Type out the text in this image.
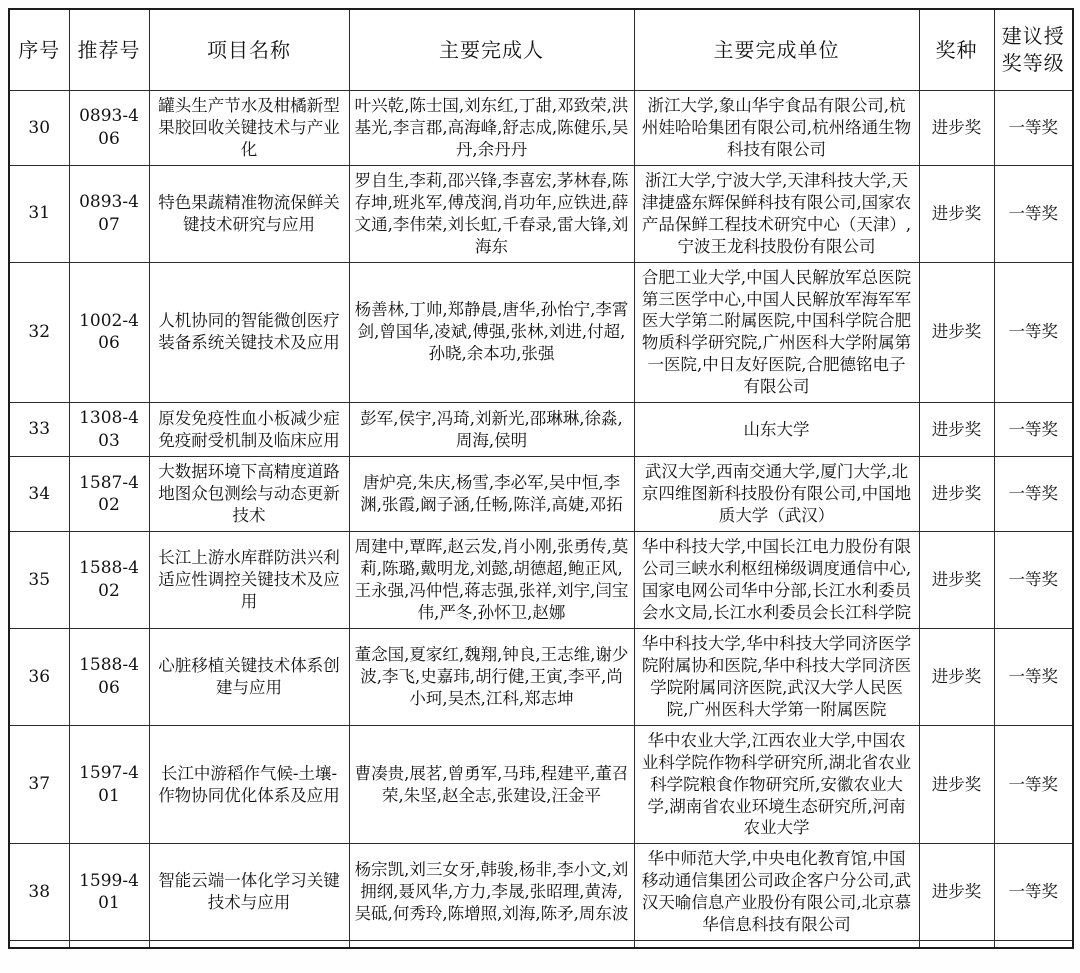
序号	推荐号	项目名称	主要完成人	主要完成单位	奖种	建议授奖等级
30	0893-406	罐头生产节水及柑橘新型果胶回收关键技术与产业化	叶兴乾,陈士国,刘东红,丁甜,邓致荣,洪基光,李言郡,高海峰,舒志成,陈健乐,吴丹,余丹丹	浙江大学,象山华宇食品有限公司,杭州娃哈哈集团有限公司,杭州络通生物科技有限公司	进步奖	一等奖
31	0893-407	特色果蔬精准物流保鲜关键技术研究与应用	罗自生,李莉,邵兴锋,李喜宏,茅林春,陈存坤,班兆军,傅茂润,肖功年,应铁进,薛文通,李伟荣,刘长虹,千春录,雷大锋,刘海东	浙江大学,宁波大学,天津科技大学,天津捷盛东辉保鲜科技有限公司,国家农产品保鲜工程技术研究中心（天津）,宁波王龙科技股份有限公司	进步奖	一等奖
32	1002-406	人机协同的智能微创医疗装备系统关键技术及应用	杨善林,丁帅,郑静晨,唐华,孙怡宁,李霄剑,曾国华,凌斌,傅强,张林,刘进,付超,孙晓,余本功,张强	合肥工业大学,中国人民解放军总医院第三医学中心,中国人民解放军海军军医大学第二附属医院,中国科学院合肥物质科学研究院,广州医科大学附属第一医院,中日友好医院,合肥德铭电子有限公司	进步奖	一等奖
33	1308-403	原发免疫性血小板减少症免疫耐受机制及临床应用	彭军,侯宇,冯琦,刘新光,邵琳琳,徐淼,周海,侯明	山东大学	进步奖	一等奖
34	1587-402	大数据环境下高精度道路地图众包测绘与动态更新技术	唐炉亮,朱庆,杨雪,李必军,吴中恒,李渊,张霞,阚子涵,任畅,陈洋,高婕,邓拓	武汉大学,西南交通大学,厦门大学,北京四维图新科技股份有限公司,中国地质大学（武汉）	进步奖	一等奖
35	1588-402	长江上游水库群防洪兴利适应性调控关键技术及应用	周建中,覃晖,赵云发,肖小刚,张勇传,莫莉,陈璐,戴明龙,刘懿,胡德超,鲍正风,王永强,冯仲恺,蒋志强,张祥,刘宇,闫宝伟,严冬,孙怀卫,赵娜	华中科技大学,中国长江电力股份有限公司三峡水利枢纽梯级调度通信中心,国家电网公司华中分部,长江水利委员会水文局,长江水利委员会长江科学院	进步奖	一等奖
36	1588-406	心脏移植关键技术体系创建与应用	董念国,夏家红,魏翔,钟良,王志维,谢少波,李飞,史嘉玮,胡行健,王寅,李平,尚小珂,吴杰,江科,郑志坤	华中科技大学,华中科技大学同济医学院附属协和医院,华中科技大学同济医学院附属同济医院,武汉大学人民医院,广州医科大学第一附属医院	进步奖	一等奖
37	1597-401	长江中游稻作气候-土壤-作物协同优化体系及应用	曹凑贵,展茗,曾勇军,马玮,程建平,董召荣,朱坚,赵全志,张建设,汪金平	华中农业大学,江西农业大学,中国农业科学院作物科学研究所,湖北省农业科学院粮食作物研究所,安徽农业大学,湖南省农业环境生态研究所,河南农业大学	进步奖	一等奖
38	1599-401	智能云端一体化学习关键技术与应用	杨宗凯,刘三女牙,韩骏,杨非,李小文,刘拥纲,聂风华,方力,李晟,张昭理,黄涛,吴砥,何秀玲,陈增照,刘海,陈矛,周东波	华中师范大学,中央电化教育馆,中国移动通信集团公司政企客户分公司,武汉天喻信息产业股份有限公司,北京慕华信息科技有限公司	进步奖	一等奖
